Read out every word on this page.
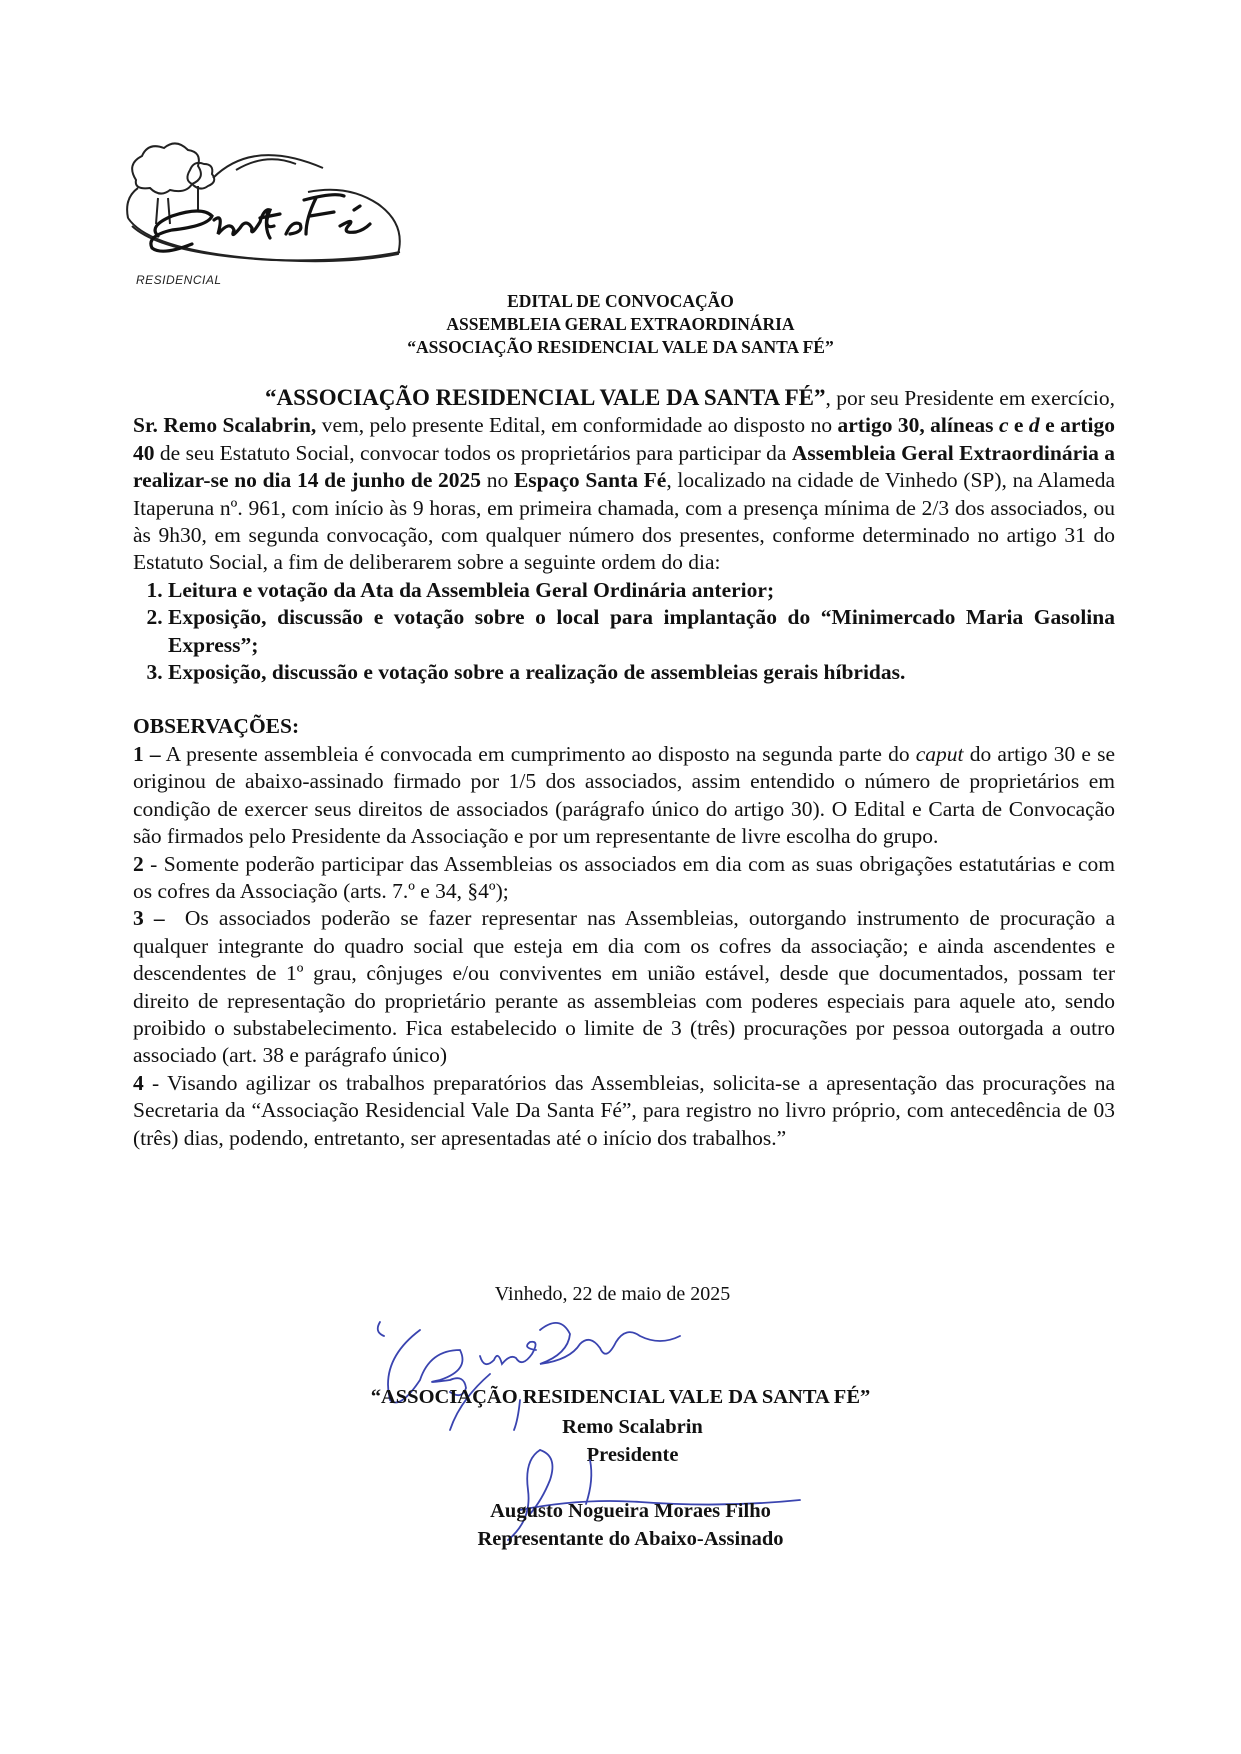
RESIDENCIAL
EDITAL DE CONVOCAÇÃO
ASSEMBLEIA GERAL EXTRAORDINÁRIA
“ASSOCIAÇÃO RESIDENCIAL VALE DA SANTA FÉ”

“ASSOCIAÇÃO RESIDENCIAL VALE DA SANTA FÉ”, por seu Presidente em exercício, Sr. Remo Scalabrin, vem, pelo presente Edital, em conformidade ao disposto no artigo 30, alíneas c e d e artigo 40 de seu Estatuto Social, convocar todos os proprietários para participar da Assembleia Geral Extraordinária a realizar-se no dia 14 de junho de 2025 no Espaço Santa Fé, localizado na cidade de Vinhedo (SP), na Alameda Itaperuna nº. 961, com início às 9 horas, em primeira chamada, com a presença mínima de 2/3 dos associados, ou às 9h30, em segunda convocação, com qualquer número dos presentes, conforme determinado no artigo 31 do Estatuto Social, a fim de deliberarem sobre a seguinte ordem do dia:

1. Leitura e votação da Ata da Assembleia Geral Ordinária anterior;
2. Exposição, discussão e votação sobre o local para implantação do “Minimercado Maria Gasolina Express”;
3. Exposição, discussão e votação sobre a realização de assembleias gerais híbridas.

OBSERVAÇÕES:

1 – A presente assembleia é convocada em cumprimento ao disposto na segunda parte do caput do artigo 30 e se originou de abaixo-assinado firmado por 1/5 dos associados, assim entendido o número de proprietários em condição de exercer seus direitos de associados (parágrafo único do artigo 30). O Edital e Carta de Convocação são firmados pelo Presidente da Associação e por um representante de livre escolha do grupo.

2 - Somente poderão participar das Assembleias os associados em dia com as suas obrigações estatutárias e com os cofres da Associação (arts. 7.º e 34, §4º);

3 –  Os associados poderão se fazer representar nas Assembleias, outorgando instrumento de procuração a qualquer integrante do quadro social que esteja em dia com os cofres da associação; e ainda ascendentes e descendentes de 1º grau, cônjuges e/ou conviventes em união estável, desde que documentados, possam ter direito de representação do proprietário perante as assembleias com poderes especiais para aquele ato, sendo proibido o substabelecimento. Fica estabelecido o limite de 3 (três) procurações por pessoa outorgada a outro associado (art. 38 e parágrafo único)

4 - Visando agilizar os trabalhos preparatórios das Assembleias, solicita-se a apresentação das procurações na Secretaria da “Associação Residencial Vale Da Santa Fé”, para registro no livro próprio, com antecedência de 03 (três) dias, podendo, entretanto, ser apresentadas até o início dos trabalhos.”

Vinhedo, 22 de maio de 2025
“ASSOCIAÇÃO RESIDENCIAL VALE DA SANTA FÉ”
Remo Scalabrin
Presidente
Augusto Nogueira Moraes Filho
Representante do Abaixo-Assinado
